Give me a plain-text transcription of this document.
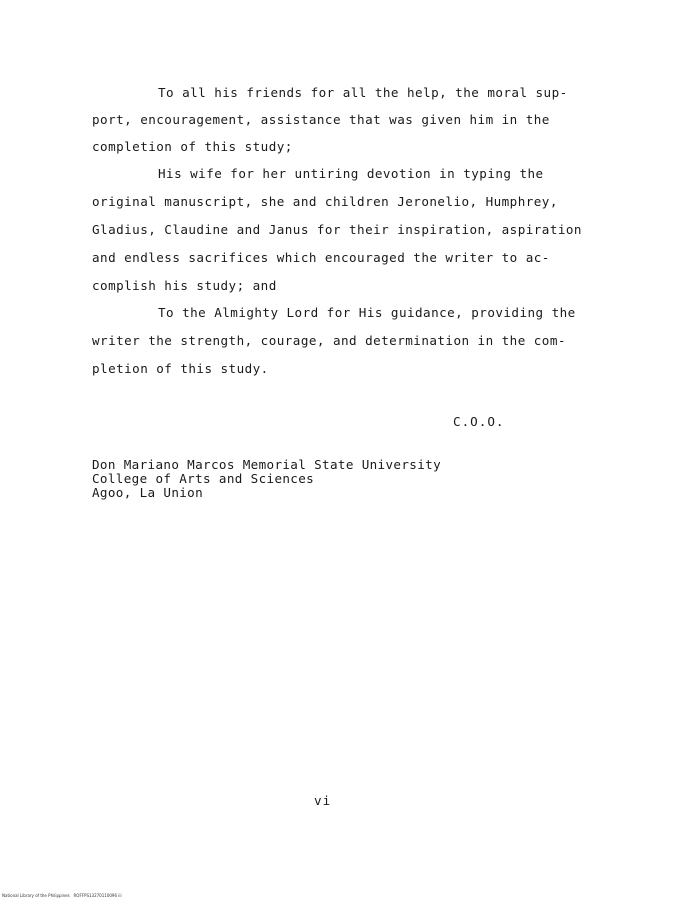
To all his friends for all the help, the moral sup-
port, encouragement, assistance that was given him in the
completion of this study;
His wife for her untiring devotion in typing the
original manuscript, she and children Jeronelio, Humphrey,
Gladius, Claudine and Janus for their inspiration, aspiration
and endless sacrifices which encouraged the writer to ac-
complish his study; and
To the Almighty Lord for His guidance, providing the
writer the strength, courage, and determination in the com-
pletion of this study.
C.O.O.
Don Mariano Marcos Memorial State University
College of Arts and Sciences
Agoo, La Union
vi
National Library of the Philippines   ROFFPS13270110096 iii
